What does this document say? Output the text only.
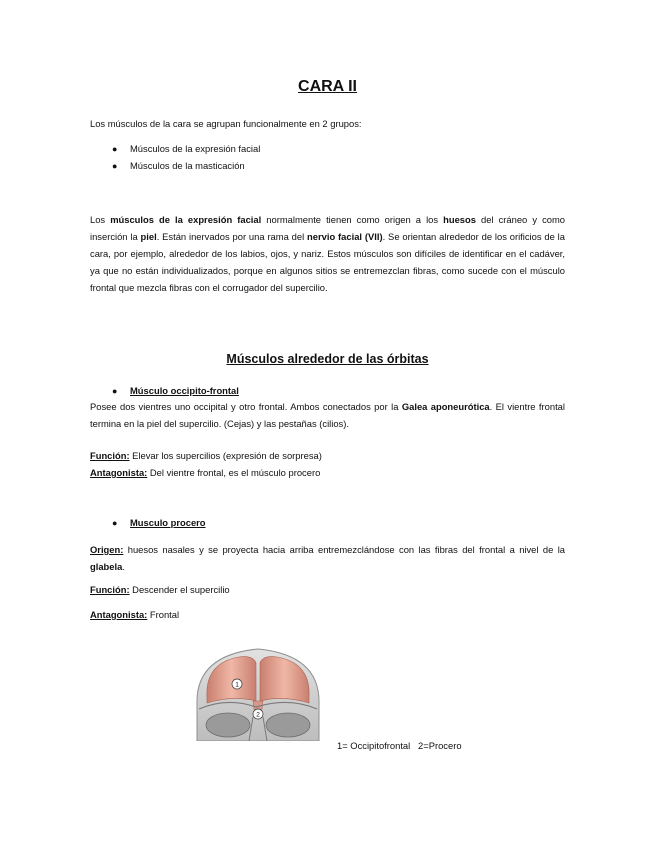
CARA II
Los músculos de la cara se agrupan funcionalmente en 2 grupos:
● Músculos de la expresión facial
● Músculos de la masticación
Los músculos de la expresión facial normalmente tienen como origen a los huesos del cráneo y como inserción la piel. Están inervados por una rama del nervio facial (VII). Se orientan alrededor de los orificios de la cara, por ejemplo, alrededor de los labios, ojos, y nariz. Estos músculos son difíciles de identificar en el cadáver, ya que no están individualizados, porque en algunos sitios se entremezclan fibras, como sucede con el músculo frontal que mezcla fibras con el corrugador del supercilio.
Músculos alrededor de las órbitas
● Músculo occipito-frontal
Posee dos vientres uno occipital y otro frontal. Ambos conectados por la Galea aponeurótica. El vientre frontal termina en la piel del supercilio. (Cejas) y las pestañas (cilios).
Función: Elevar los supercilios (expresión de sorpresa)
Antagonista: Del vientre frontal, es el músculo procero
● Musculo procero
Origen: huesos nasales y se proyecta hacia arriba entremezclándose con las fibras del frontal a nivel de la glabela.
Función: Descender el supercilio
Antagonista: Frontal
1
2
1= Occipitofrontal   2=Procero
